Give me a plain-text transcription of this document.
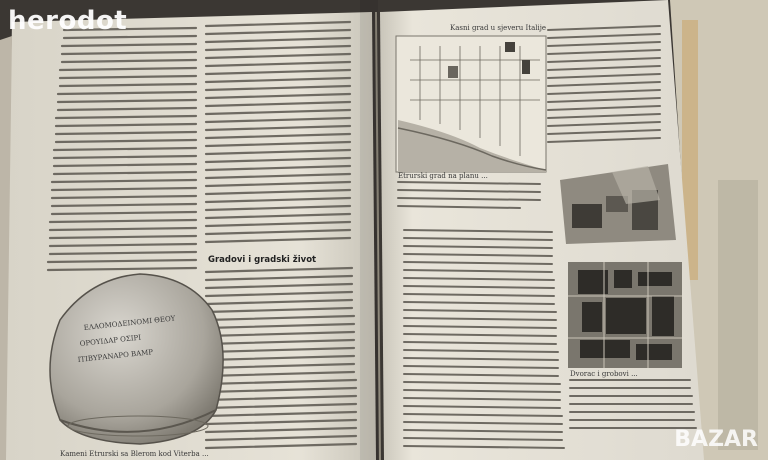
Gradovi i gradski život
ΕΛΑΟΜΟΔΕΙΝΟΜΙ ΘΕΟΥ
ΟΡΟΥΙΔΑΡ ΟΣΙΡΙ
ΙΤΙΒΥΡΑΝΑΡΟ ΒΑΜΡ
Kameni Etrurski sa Blerom kod Viterba ...
Kasni grad u sjeveru Italije
Etrurski grad na planu ...
Dvorac i grobovi ...
herodot
BAZAR
